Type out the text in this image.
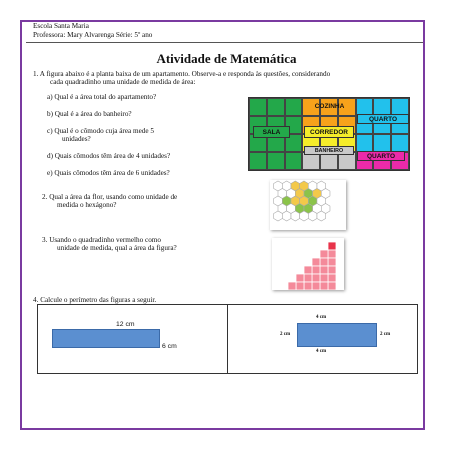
Escola Santa Maria
Professora: Mary Alvarenga Série: 5º ano
Atividade de Matemática
1. A figura abaixo é a planta baixa de um apartamento. Observe-a e responda às questões, considerando
cada quadradinho uma unidade de medida de área:
a) Qual é a área total do apartamento?
b) Qual é a área do banheiro?
c) Qual é o cômodo cuja área mede 5
unidades?
d) Quais cômodos têm área de 4 unidades?
e) Quais cômodos têm área de 6 unidades?
COZINHA
QUARTO
SALA	CORREDOR
BANHEIRO
QUARTO
2. Qual a área da flor, usando como unidade de
medida o hexágono?
3. Usando o quadradinho vermelho como
unidade de medida, qual a área da figura?
4. Calcule o perímetro das figuras a seguir.
12 cm
6 cm
4 cm
2 cm	2 cm
4 cm
